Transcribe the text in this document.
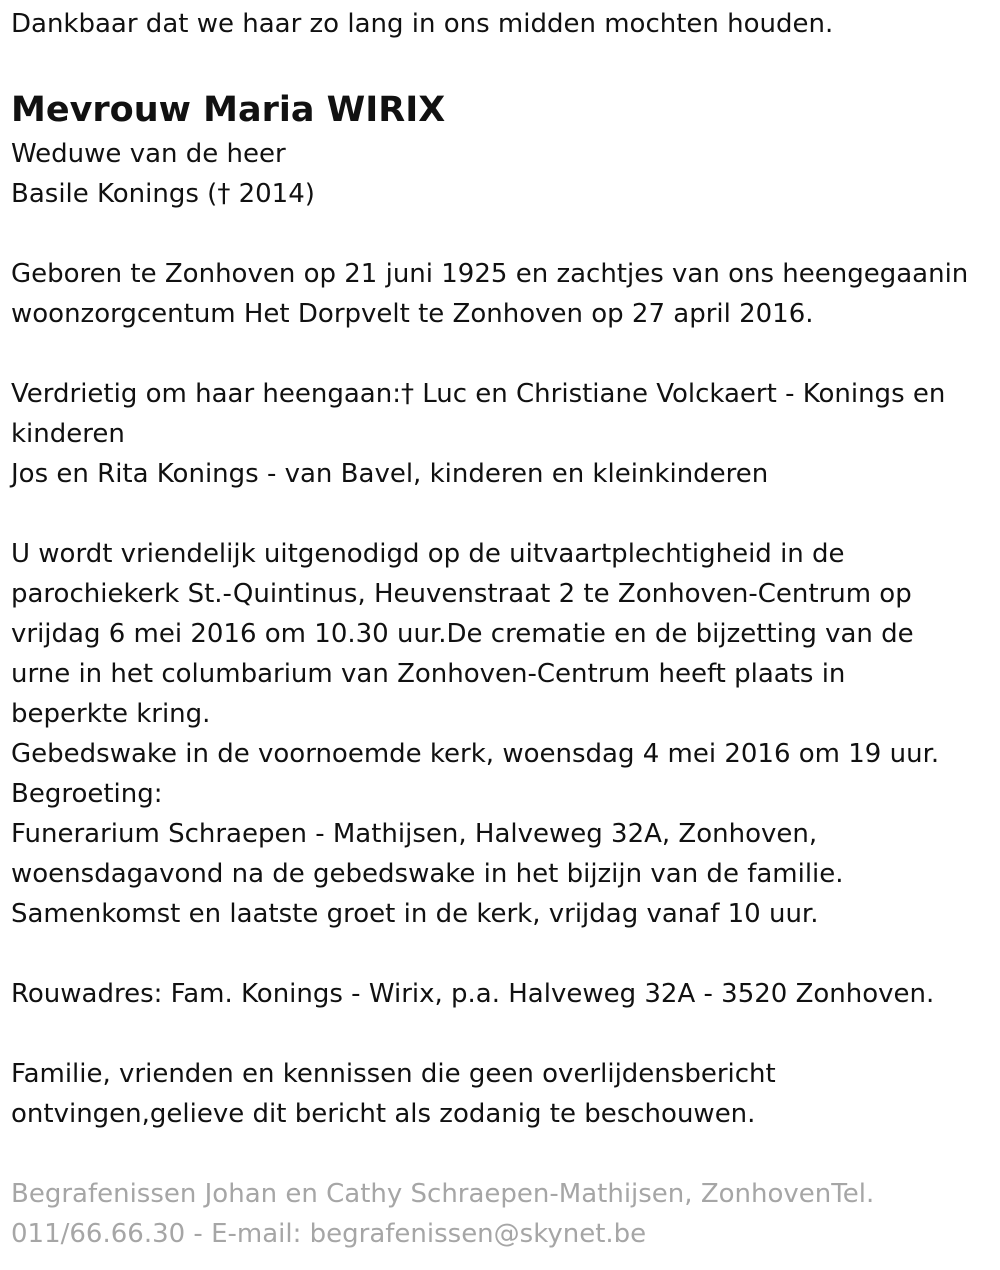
Dankbaar dat we haar zo lang in ons midden mochten houden.

Mevrouw Maria WIRIX

Weduwe van de heer

Basile Konings († 2014)

Geboren te Zonhoven op 21 juni 1925 en zachtjes van ons heengegaanin

woonzorgcentum Het Dorpvelt te Zonhoven op 27 april 2016.

Verdrietig om haar heengaan:† Luc en Christiane Volckaert - Konings en

kinderen

Jos en Rita Konings - van Bavel, kinderen en kleinkinderen

U wordt vriendelijk uitgenodigd op de uitvaartplechtigheid in de

parochiekerk St.-Quintinus, Heuvenstraat 2 te Zonhoven-Centrum op

vrijdag 6 mei 2016 om 10.30 uur.De crematie en de bijzetting van de

urne in het columbarium van Zonhoven-Centrum heeft plaats in

beperkte kring.

Gebedswake in de voornoemde kerk, woensdag 4 mei 2016 om 19 uur.

Begroeting:

Funerarium Schraepen - Mathijsen, Halveweg 32A, Zonhoven,

woensdagavond na de gebedswake in het bijzijn van de familie.

Samenkomst en laatste groet in de kerk, vrijdag vanaf 10 uur.

Rouwadres: Fam. Konings - Wirix, p.a. Halveweg 32A - 3520 Zonhoven.

Familie, vrienden en kennissen die geen overlijdensbericht

ontvingen,gelieve dit bericht als zodanig te beschouwen.

Begrafenissen Johan en Cathy Schraepen-Mathijsen, ZonhovenTel.

011/66.66.30 - E-mail: begrafenissen@skynet.be
